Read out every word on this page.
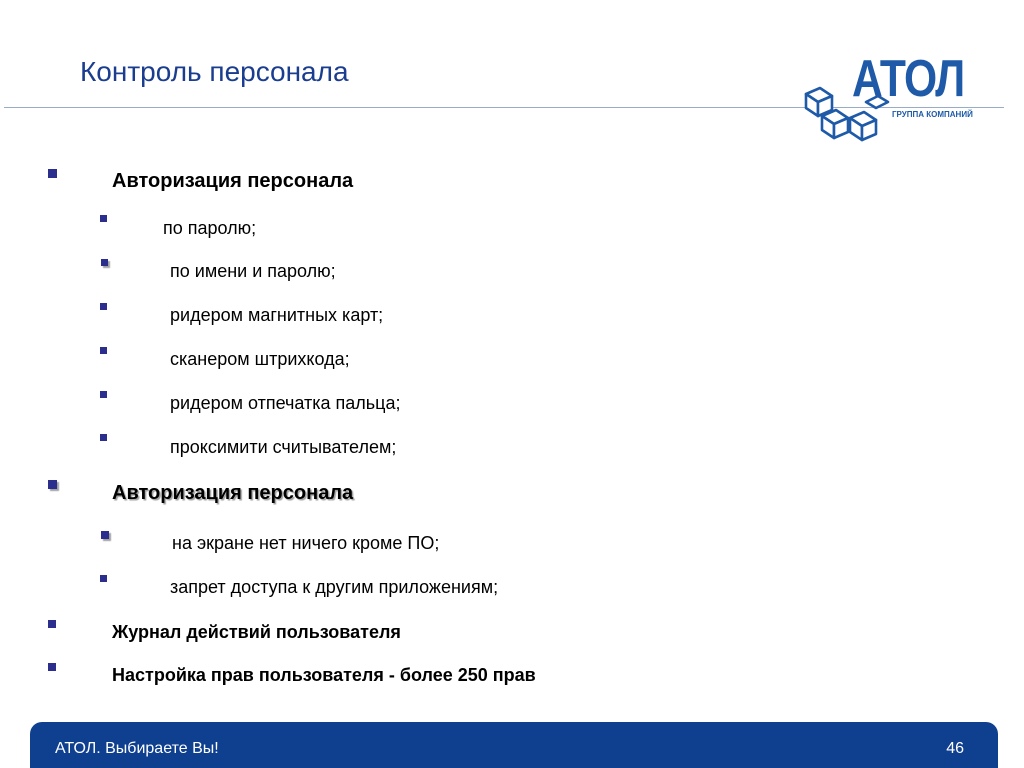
Контроль персонала	АТОЛ
ГРУППА КОМПАНИЙ
Авторизация персонала
по паролю;
по имени и паролю;
ридером магнитных карт;
сканером штрихкода;
ридером отпечатка пальца;
проксимити считывателем;
Авторизация персонала
на экране нет ничего кроме ПО;
запрет доступа к другим приложениям;
Журнал действий пользователя
Настройка прав пользователя - более 250 прав
АТОЛ. Выбираете Вы!	46
